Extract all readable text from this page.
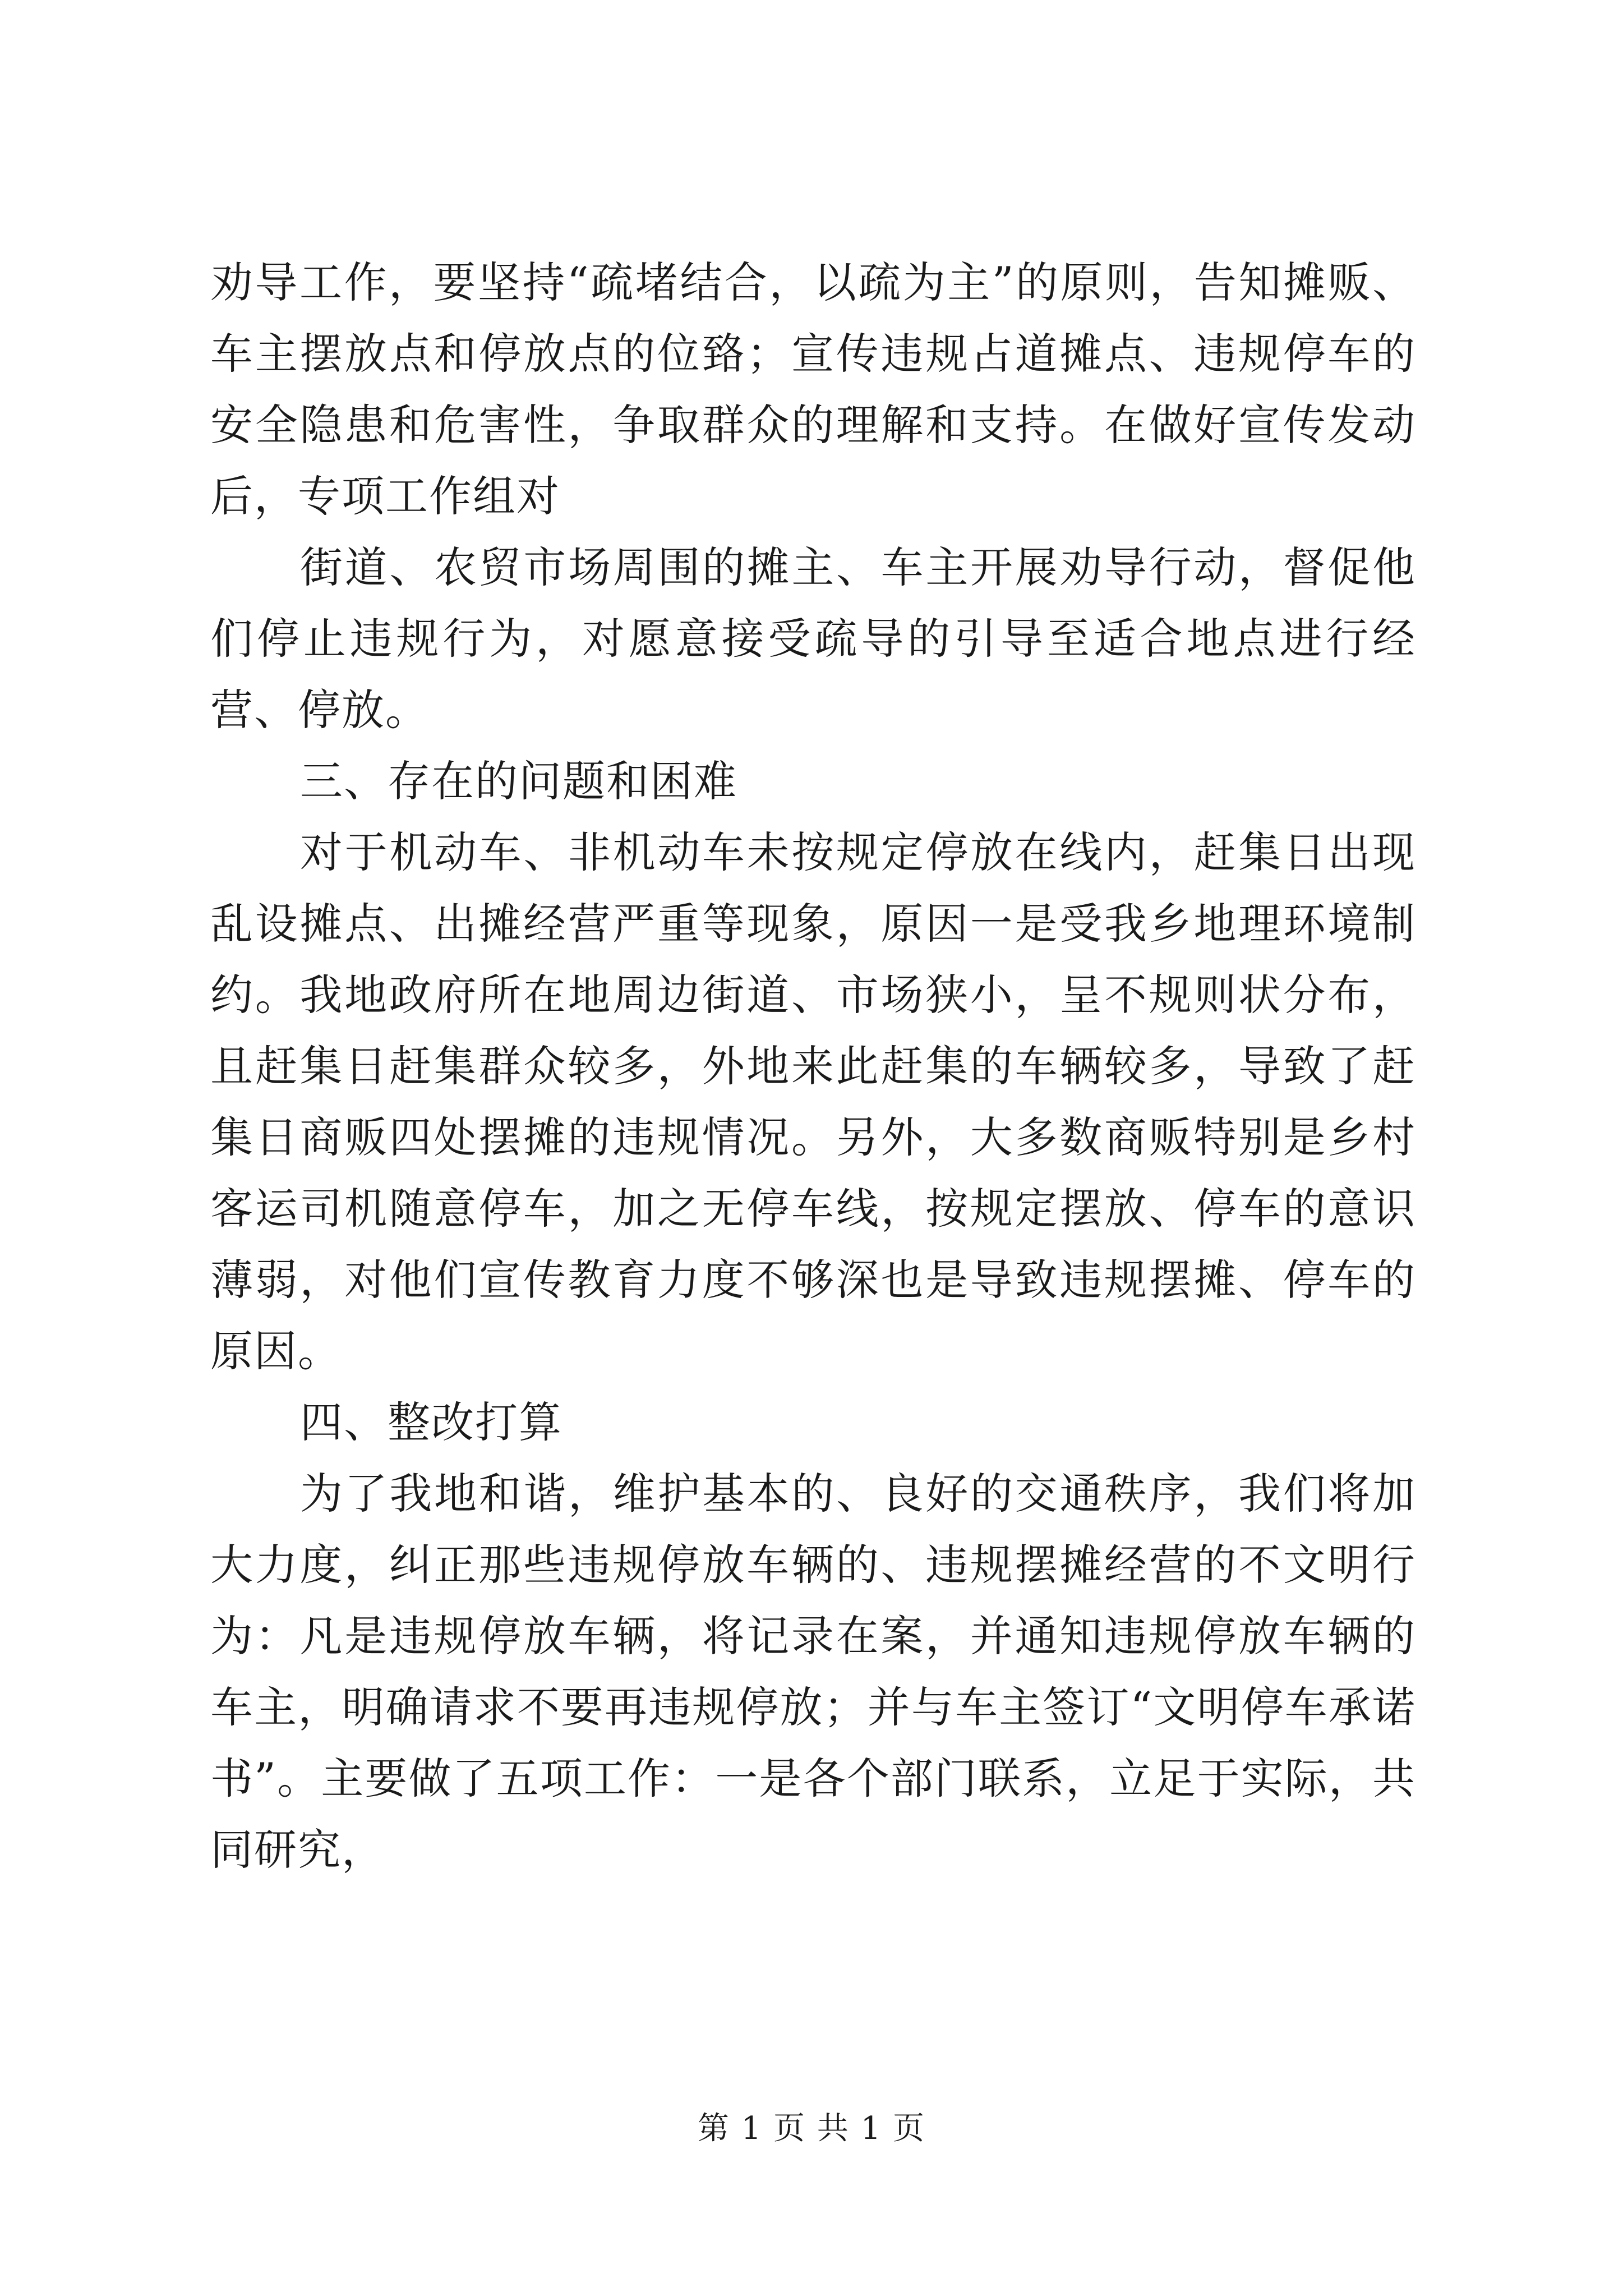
劝导工作，要坚持“疏堵结合，以疏为主”的原则，告知摊贩、车主摆放点和停放点的位臵；宣传违规占道摊点、违规停车的安全隐患和危害性，争取群众的理解和支持。在做好宣传发动后，专项工作组对

街道、农贸市场周围的摊主、车主开展劝导行动，督促他们停止违规行为，对愿意接受疏导的引导至适合地点进行经营、停放。

三、存在的问题和困难

对于机动车、非机动车未按规定停放在线内，赶集日出现乱设摊点、出摊经营严重等现象，原因一是受我乡地理环境制约。我地政府所在地周边街道、市场狭小，呈不规则状分布，且赶集日赶集群众较多，外地来此赶集的车辆较多，导致了赶集日商贩四处摆摊的违规情况。另外，大多数商贩特别是乡村客运司机随意停车，加之无停车线，按规定摆放、停车的意识薄弱，对他们宣传教育力度不够深也是导致违规摆摊、停车的原因。

四、整改打算

为了我地和谐，维护基本的、良好的交通秩序，我们将加大力度，纠正那些违规停放车辆的、违规摆摊经营的不文明行为：凡是违规停放车辆，将记录在案，并通知违规停放车辆的车主，明确请求不要再违规停放；并与车主签订“文明停车承诺书”。主要做了五项工作：一是各个部门联系，立足于实际，共同研究，

第 1 页 共 1 页
